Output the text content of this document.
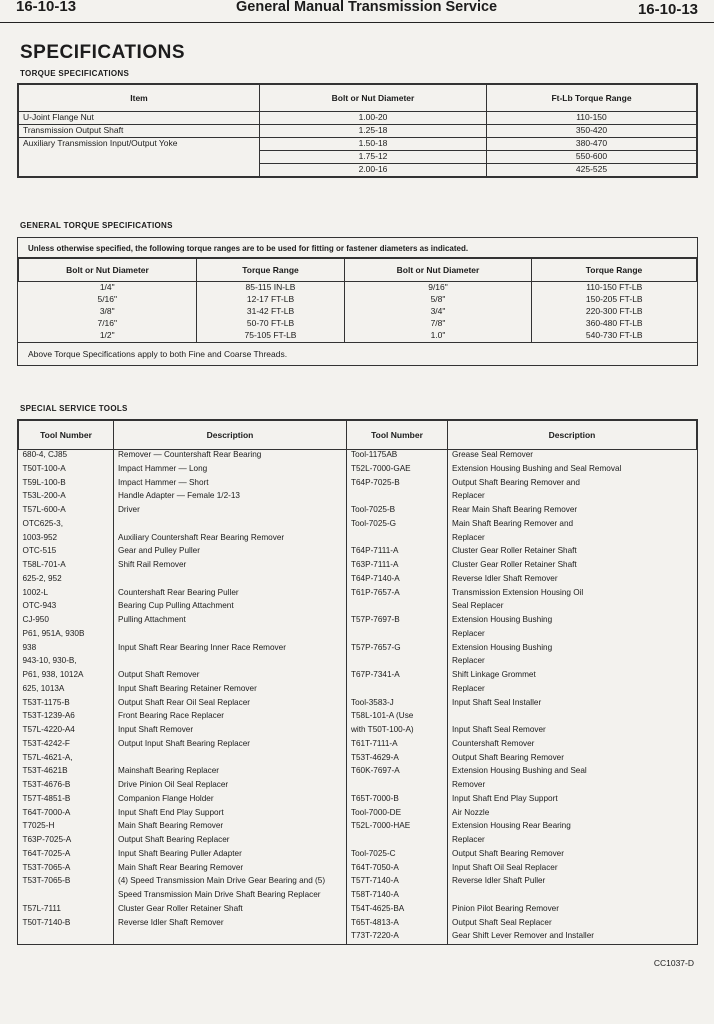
16-10-13	General Manual Transmission Service	16-10-13
SPECIFICATIONS
TORQUE SPECIFICATIONS
Item	Bolt or Nut Diameter	Ft-Lb Torque Range
U-Joint Flange Nut	1.00-20	110-150
Transmission Output Shaft	1.25-18	350-420
Auxiliary Transmission Input/Output Yoke	1.50-18	380-470
	1.75-12	550-600
	2.00-16	425-525
GENERAL TORQUE SPECIFICATIONS
Unless otherwise specified, the following torque ranges are to be used for fitting or fastener diameters as indicated.
Bolt or Nut Diameter	Torque Range	Bolt or Nut Diameter	Torque Range
1/4"	85-115 IN-LB	9/16"	110-150 FT-LB
5/16"	12-17 FT-LB	5/8"	150-205 FT-LB
3/8"	31-42 FT-LB	3/4"	220-300 FT-LB
7/16"	50-70 FT-LB	7/8"	360-480 FT-LB
1/2"	75-105 FT-LB	1.0"	540-730 FT-LB
Above Torque Specifications apply to both Fine and Coarse Threads.
SPECIAL SERVICE TOOLS
Tool Number	Description	Tool Number	Description
680-4, CJ85	Remover — Countershaft Rear Bearing	Tool-1175AB	Grease Seal Remover
T50T-100-A	Impact Hammer — Long	T52L-7000-GAE	Extension Housing Bushing and Seal Removal
T59L-100-B	Impact Hammer — Short	T64P-7025-B	Output Shaft Bearing Remover and
T53L-200-A	Handle Adapter — Female 1/2-13		Replacer
T57L-600-A	Driver	Tool-7025-B	Rear Main Shaft Bearing Remover
OTC625-3,		Tool-7025-G	Main Shaft Bearing Remover and
1003-952	Auxiliary Countershaft Rear Bearing Remover		Replacer
OTC-515	Gear and Pulley Puller	T64P-7111-A	Cluster Gear Roller Retainer Shaft
T58L-701-A	Shift Rail Remover	T63P-7111-A	Cluster Gear Roller Retainer Shaft
625-2, 952		T64P-7140-A	Reverse Idler Shaft Remover
1002-L	Countershaft Rear Bearing Puller	T61P-7657-A	Transmission Extension Housing Oil
OTC-943	Bearing Cup Pulling Attachment		Seal Replacer
CJ-950	Pulling Attachment	T57P-7697-B	Extension Housing Bushing
P61, 951A, 930B			Replacer
938	Input Shaft Rear Bearing Inner Race Remover	T57P-7657-G	Extension Housing Bushing
943-10, 930-B,			Replacer
P61, 938, 1012A	Output Shaft Remover	T67P-7341-A	Shift Linkage Grommet
625, 1013A	Input Shaft Bearing Retainer Remover		Replacer
T53T-1175-B	Output Shaft Rear Oil Seal Replacer	Tool-3583-J	Input Shaft Seal Installer
T53T-1239-A6	Front Bearing Race Replacer	T58L-101-A (Use	
T57L-4220-A4	Input Shaft Remover	with T50T-100-A)	Input Shaft Seal Remover
T53T-4242-F	Output Input Shaft Bearing Replacer	T61T-7111-A	Countershaft Remover
T57L-4621-A,		T53T-4629-A	Output Shaft Bearing Remover
T53T-4621B	Mainshaft Bearing Replacer	T60K-7697-A	Extension Housing Bushing and Seal
T53T-4676-B	Drive Pinion Oil Seal Replacer		Remover
T57T-4851-B	Companion Flange Holder	T65T-7000-B	Input Shaft End Play Support
T64T-7000-A	Input Shaft End Play Support	Tool-7000-DE	Air Nozzle
T7025-H	Main Shaft Bearing Remover	T52L-7000-HAE	Extension Housing Rear Bearing
T63P-7025-A	Output Shaft Bearing Replacer		Replacer
T64T-7025-A	Input Shaft Bearing Puller Adapter	Tool-7025-C	Output Shaft Bearing Remover
T53T-7065-A	Main Shaft Rear Bearing Remover	T64T-7050-A	Input Shaft Oil Seal Replacer
T53T-7065-B	(4) Speed Transmission Main Drive Gear Bearing and (5)	T57T-7140-A	Reverse Idler Shaft Puller
	Speed Transmission Main Drive Shaft Bearing Replacer	T58T-7140-A	
T57L-7111	Cluster Gear Roller Retainer Shaft	T54T-4625-BA	Pinion Pilot Bearing Remover
T50T-7140-B	Reverse Idler Shaft Remover	T65T-4813-A	Output Shaft Seal Replacer
		T73T-7220-A	Gear Shift Lever Remover and Installer
CC1037-D
